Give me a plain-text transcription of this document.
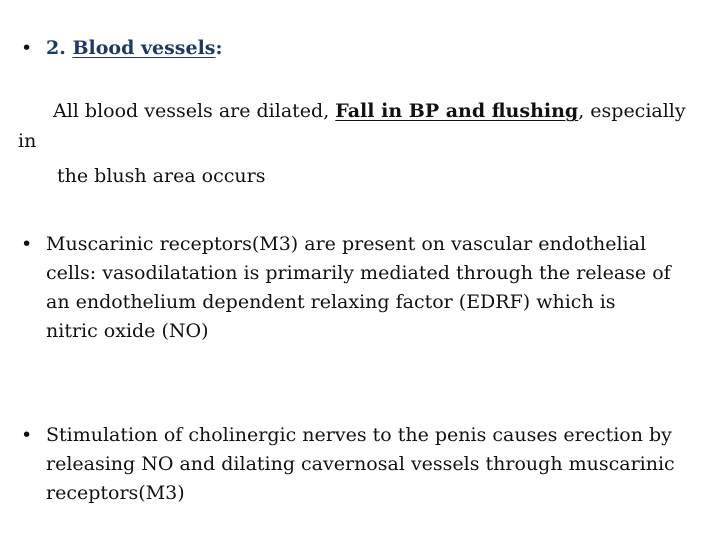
• 2. Blood vessels:
All blood vessels are dilated, Fall in BP and flushing, especially
in
the blush area occurs
• Muscarinic receptors(M3) are present on vascular endothelial
cells: vasodilatation is primarily mediated through the release of
an endothelium dependent relaxing factor (EDRF) which is
nitric oxide (NO)
• Stimulation of cholinergic nerves to the penis causes erection by
releasing NO and dilating cavernosal vessels through muscarinic
receptors(M3)
